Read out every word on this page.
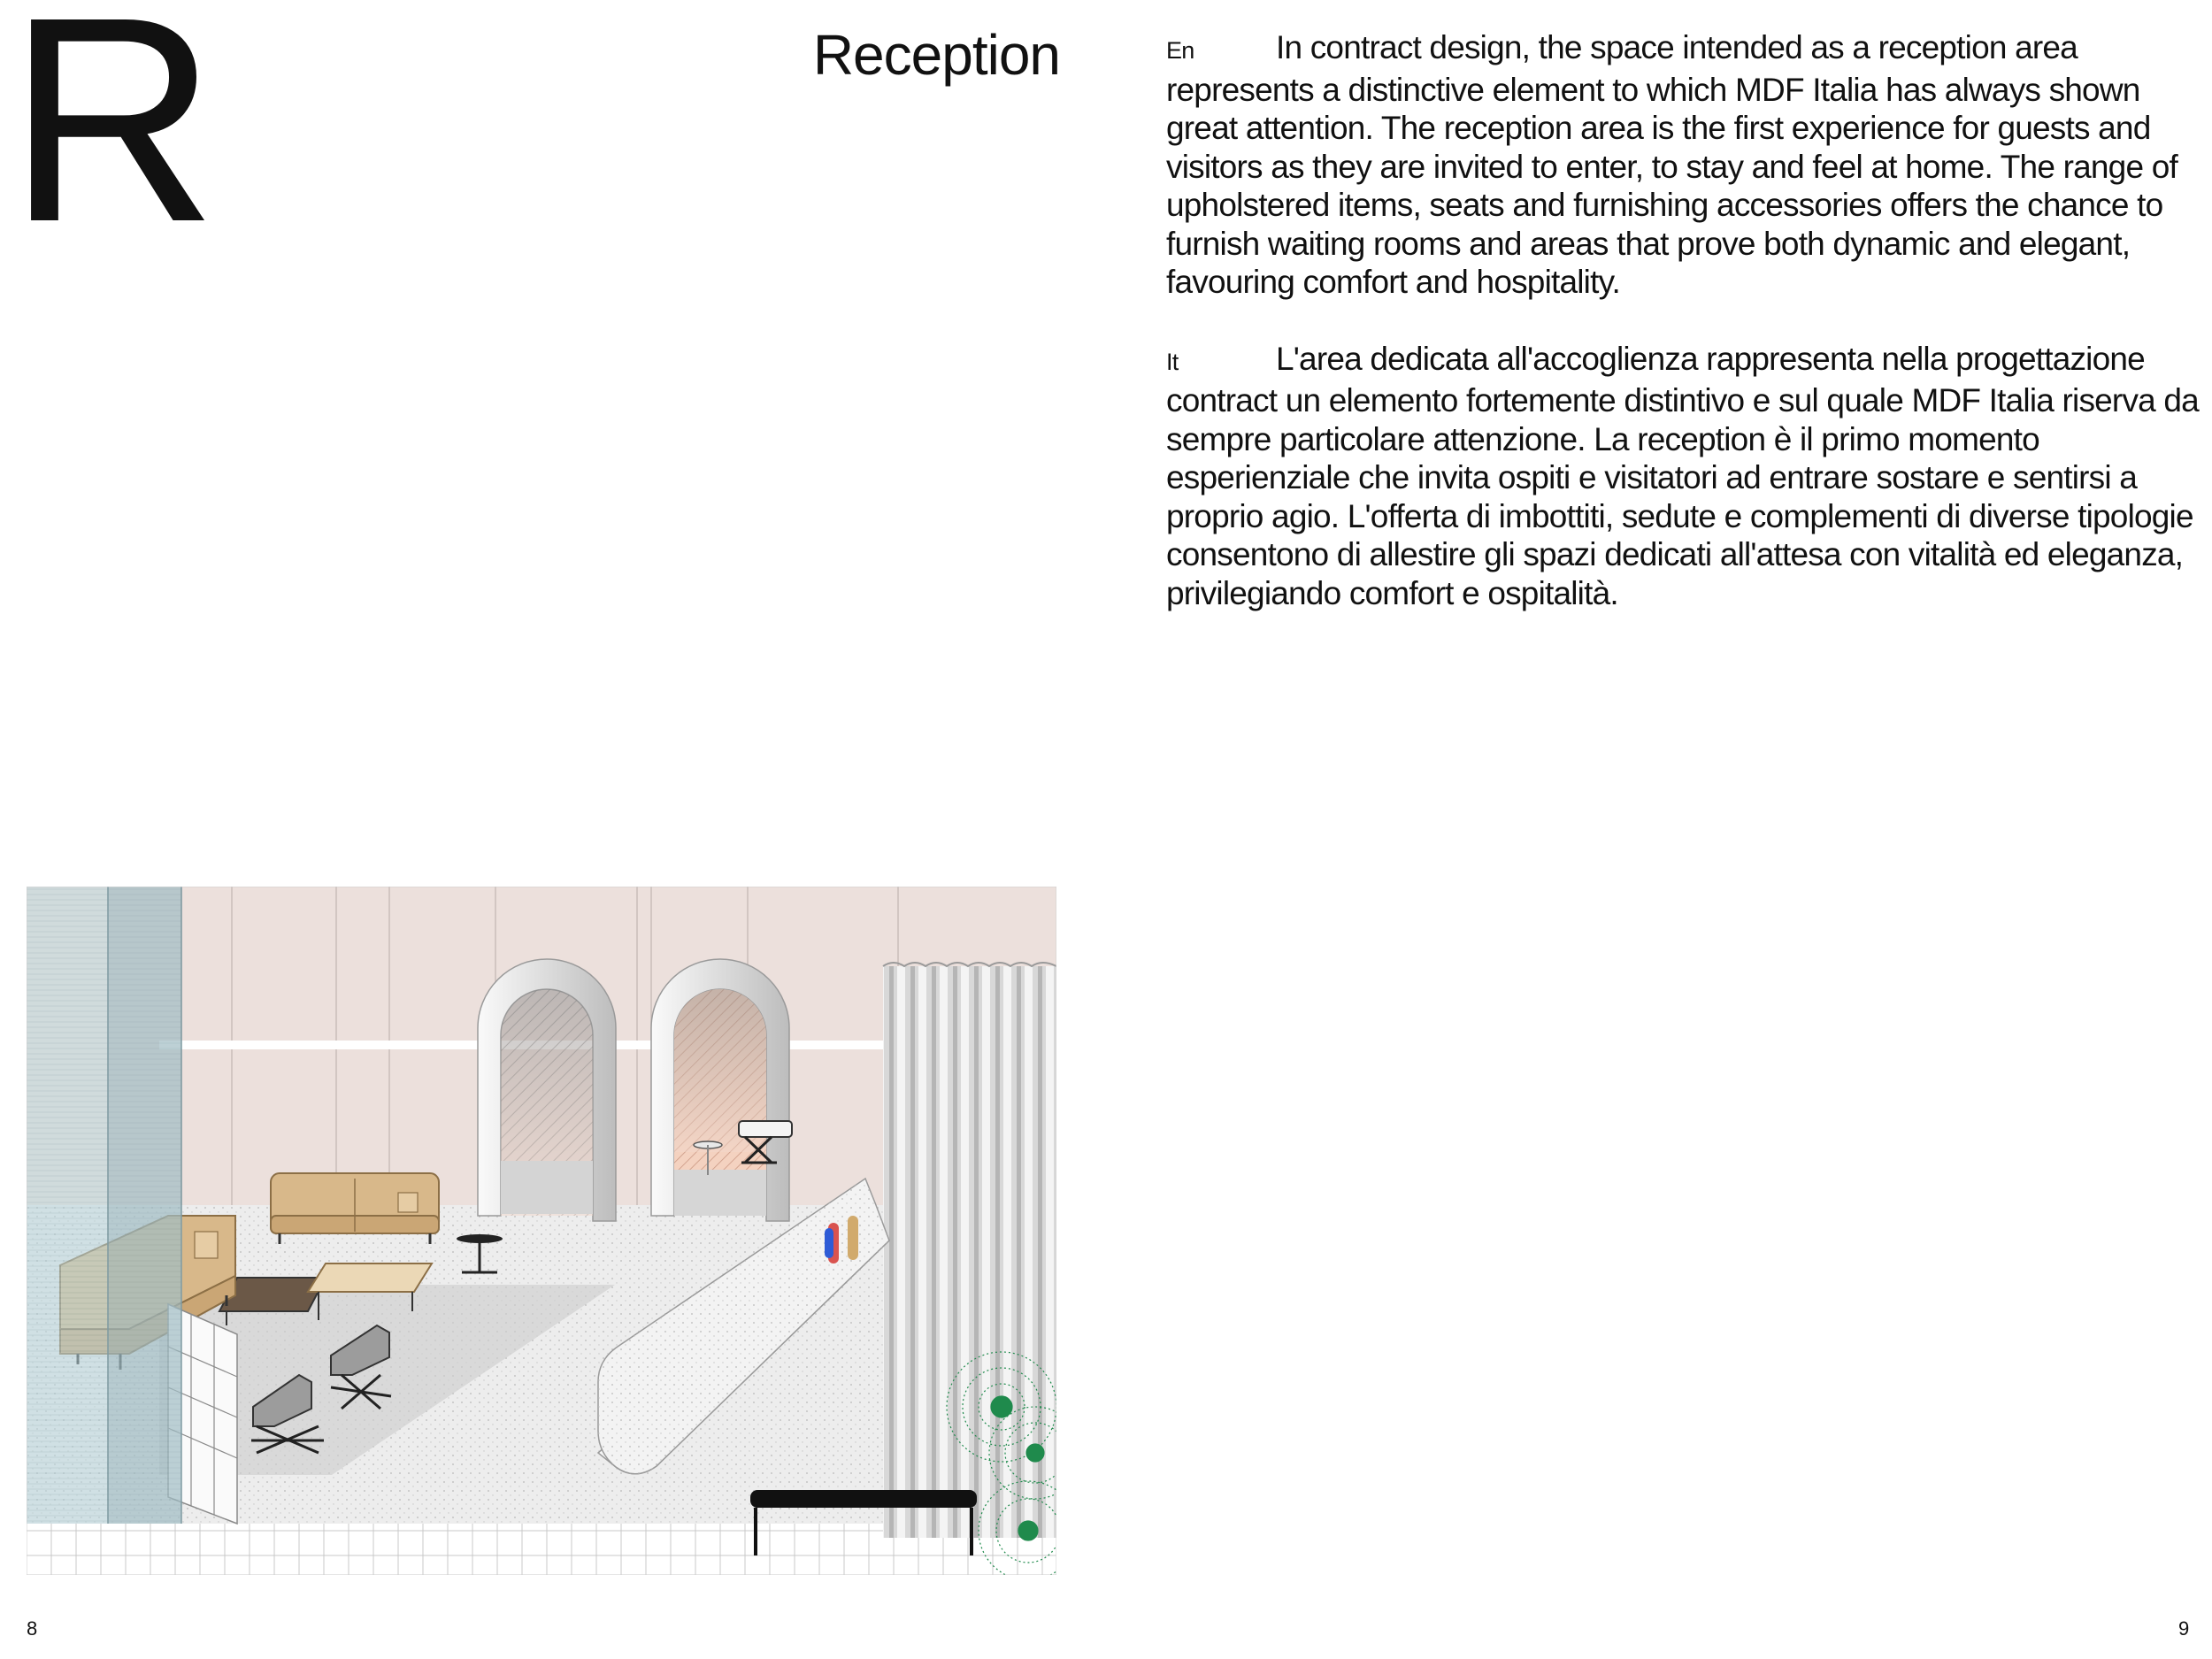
R	Reception	En	In contract design, the space intended as a reception area represents a distinctive element to which MDF Italia has always shown great attention. The reception area is the first experience for guests and visitors as they are invited to enter, to stay and feel at home. The range of upholstered items, seats and furnishing accessories offers the chance to furnish waiting rooms and areas that prove both dynamic and elegant, favouring comfort and hospitality.

It	L'area dedicata all'accoglienza rappresenta nella progettazione contract un elemento fortemente distintivo e sul quale MDF Italia riserva da sempre particolare attenzione. La reception è il primo momento esperienziale che invita ospiti e visitatori ad entrare sostare e sentirsi a proprio agio. L'offerta di imbottiti, sedute e complementi di diverse tipologie consentono di allestire gli spazi dedicati all'attesa con vitalità ed eleganza, privilegiando comfort e ospitalità.

8	9
